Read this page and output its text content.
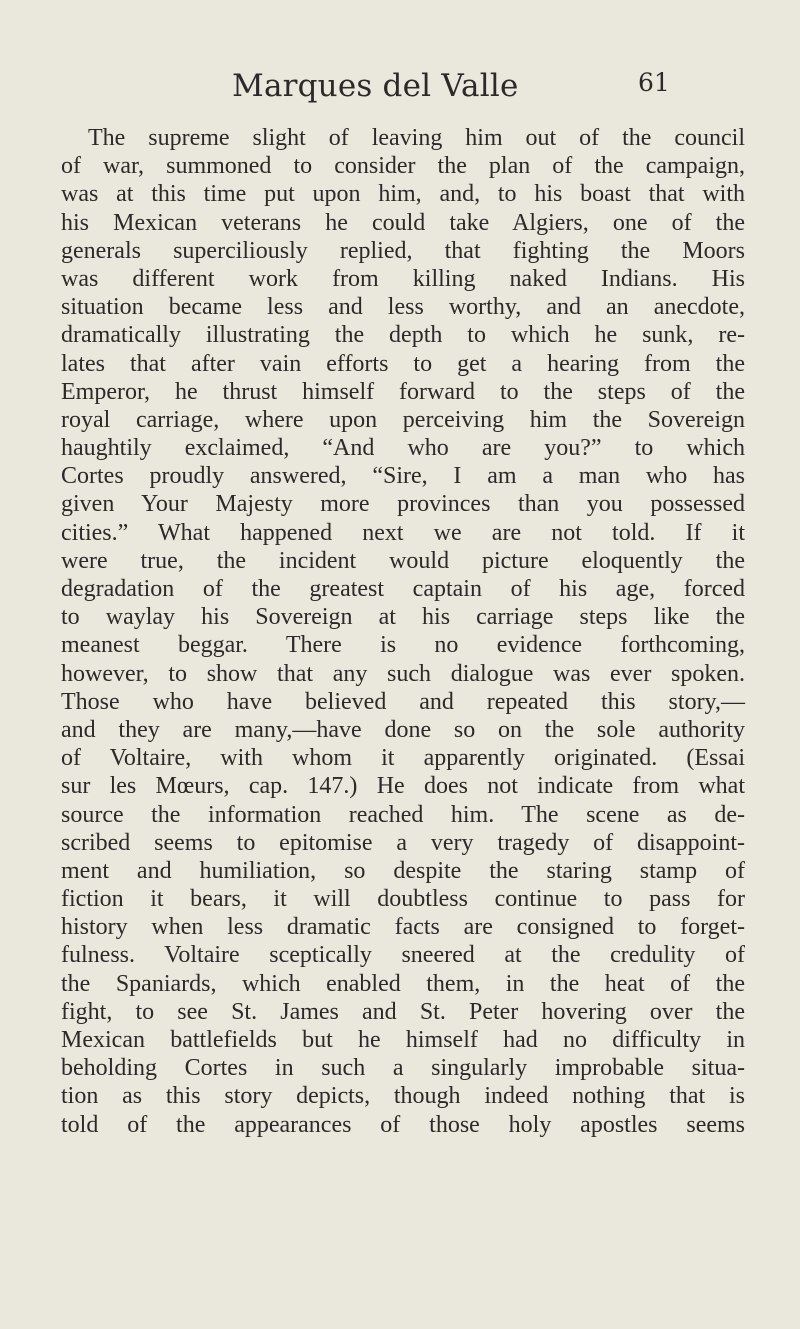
Marques del Valle	61
The supreme slight of leaving him out of the council
of war, summoned to consider the plan of the campaign,
was at this time put upon him, and, to his boast that with
his Mexican veterans he could take Algiers, one of the
generals superciliously replied, that fighting the Moors
was different work from killing naked Indians. His
situation became less and less worthy, and an anecdote,
dramatically illustrating the depth to which he sunk, re-
lates that after vain efforts to get a hearing from the
Emperor, he thrust himself forward to the steps of the
royal carriage, where upon perceiving him the Sovereign
haughtily exclaimed, “And who are you?” to which
Cortes proudly answered, “Sire, I am a man who has
given Your Majesty more provinces than you possessed
cities.” What happened next we are not told. If it
were true, the incident would picture eloquently the
degradation of the greatest captain of his age, forced
to waylay his Sovereign at his carriage steps like the
meanest beggar. There is no evidence forthcoming,
however, to show that any such dialogue was ever spoken.
Those who have believed and repeated this story,—
and they are many,—have done so on the sole authority
of Voltaire, with whom it apparently originated. (Essai
sur les Mœurs, cap. 147.) He does not indicate from what
source the information reached him. The scene as de-
scribed seems to epitomise a very tragedy of disappoint-
ment and humiliation, so despite the staring stamp of
fiction it bears, it will doubtless continue to pass for
history when less dramatic facts are consigned to forget-
fulness. Voltaire sceptically sneered at the credulity of
the Spaniards, which enabled them, in the heat of the
fight, to see St. James and St. Peter hovering over the
Mexican battlefields but he himself had no difficulty in
beholding Cortes in such a singularly improbable situa-
tion as this story depicts, though indeed nothing that is
told of the appearances of those holy apostles seems
